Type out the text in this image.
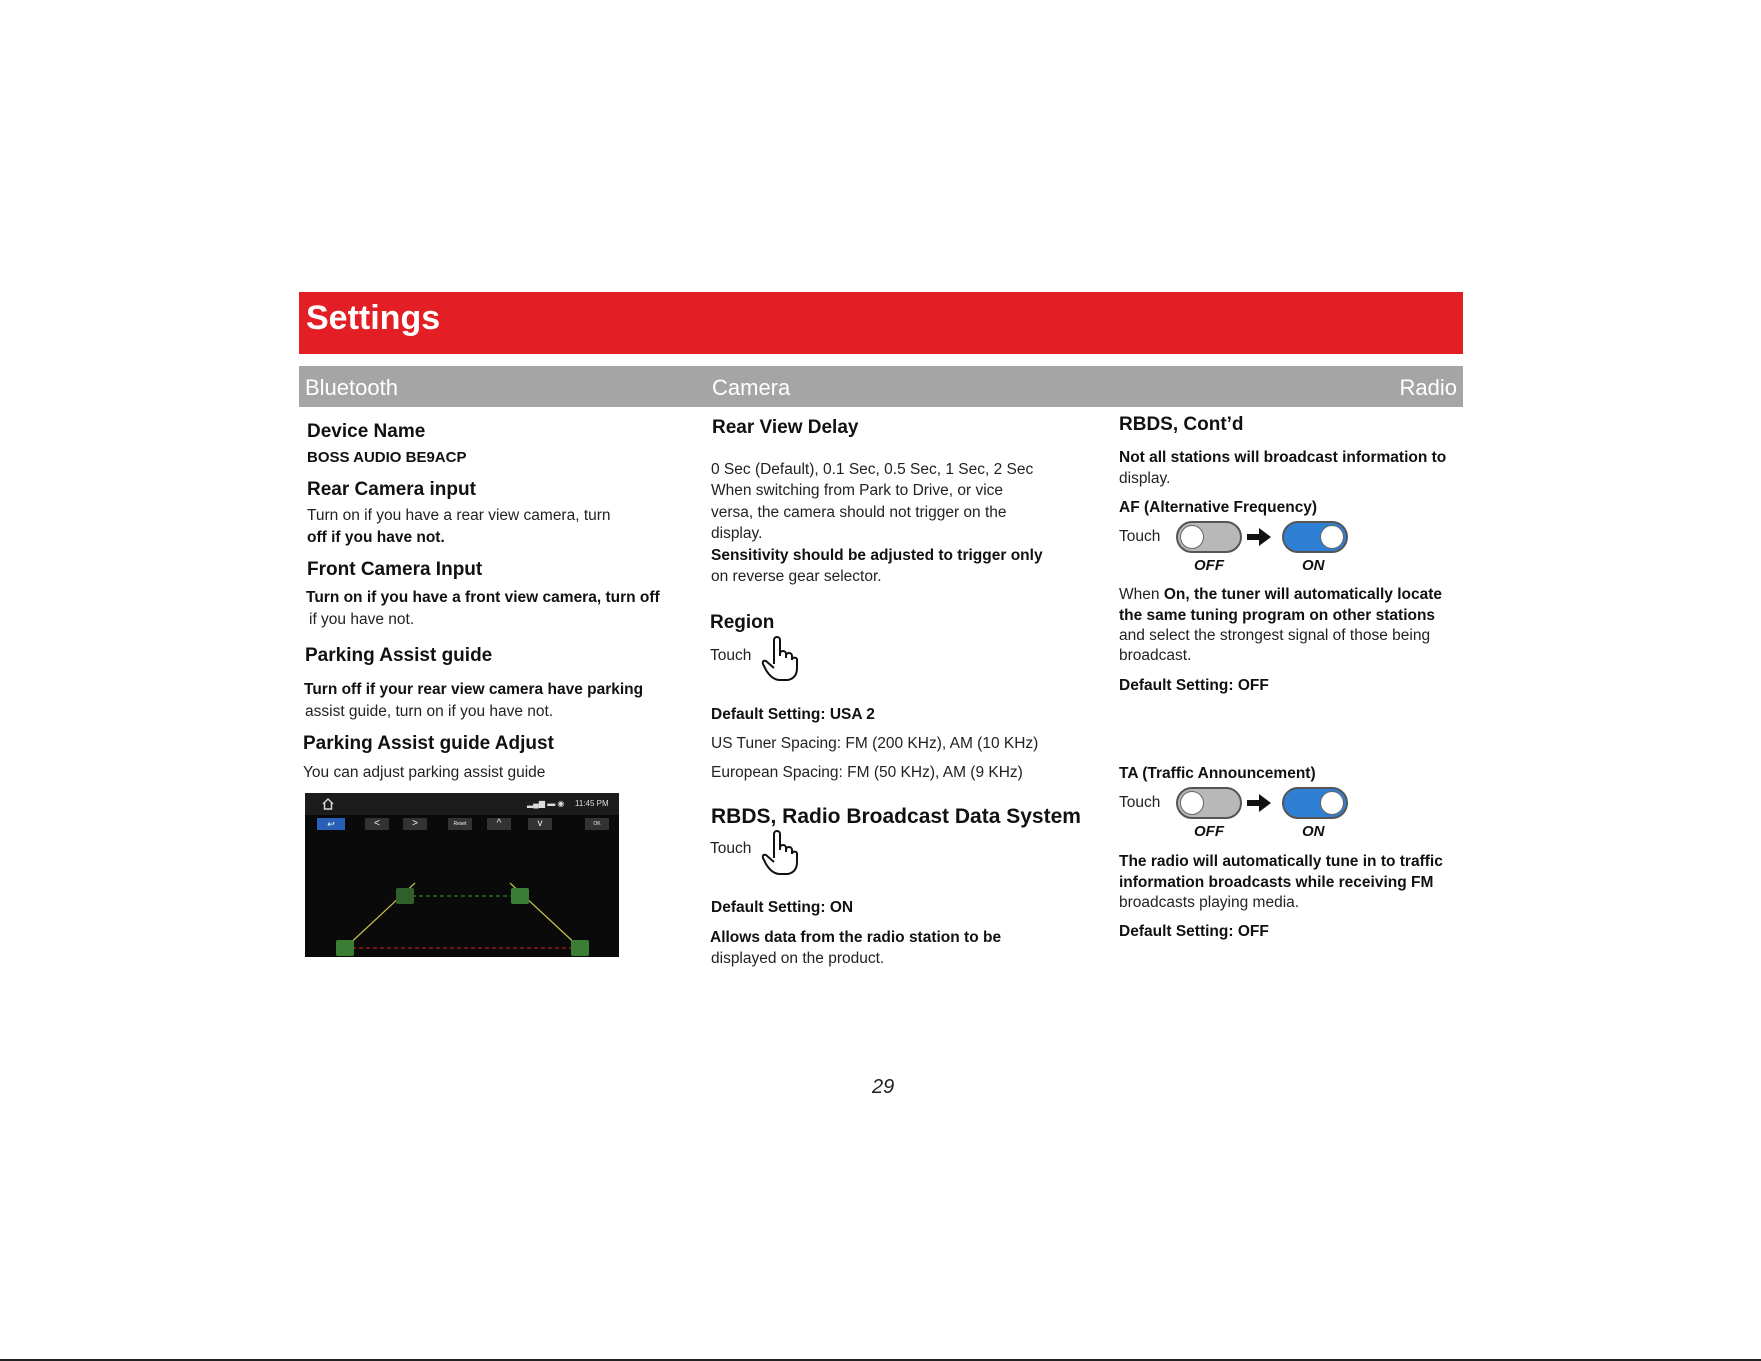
Settings
Bluetooth	Camera	Radio
Device Name
BOSS AUDIO BE9ACP
Rear Camera input
Turn on if you have a rear view camera, turn
off if you have not.
Front Camera Input
Turn on if you have a front view camera, turn off
if you have not.
Parking Assist guide
Turn off if your rear view camera have parking
assist guide, turn on if you have not.
Parking Assist guide Adjust
You can adjust parking assist guide
▂▄▆ ▬ ◉ 11:45 PM
↩	<	>	Reset	^	v	OK
Rear View Delay
0 Sec (Default), 0.1 Sec, 0.5 Sec, 1 Sec, 2 Sec
When switching from Park to Drive, or vice
versa, the camera should not trigger on the
display.
Sensitivity should be adjusted to trigger only
on reverse gear selector.
Region
Touch
Default Setting: USA 2
US Tuner Spacing: FM (200 KHz), AM (10 KHz)
European Spacing: FM (50 KHz), AM (9 KHz)
RBDS, Radio Broadcast Data System
Touch
Default Setting: ON
Allows data from the radio station to be
displayed on the product.
RBDS, Cont’d
Not all stations will broadcast information to
display.
AF (Alternative Frequency)
Touch
OFF	ON
When On, the tuner will automatically locate
the same tuning program on other stations
and select the strongest signal of those being
broadcast.
Default Setting: OFF
TA (Traffic Announcement)
Touch
OFF	ON
The radio will automatically tune in to traffic
information broadcasts while receiving FM
broadcasts playing media.
Default Setting: OFF
29
